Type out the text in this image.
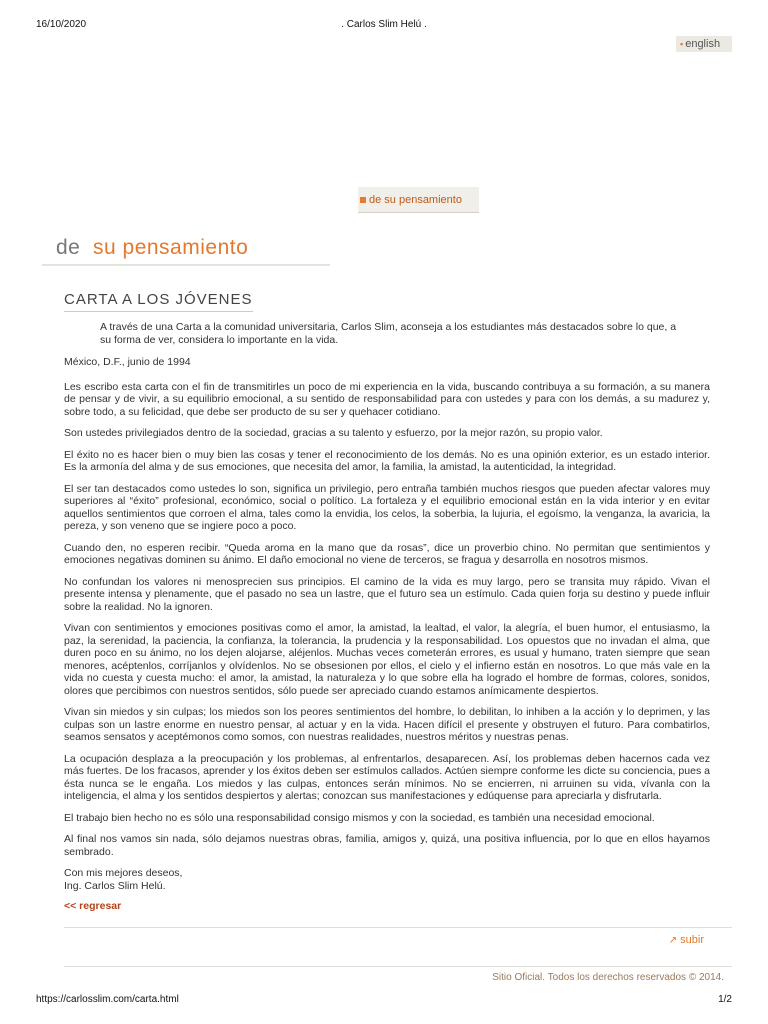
16/10/2020	. Carlos Slim Helú .
▪ english
de su pensamiento
de su pensamiento
CARTA A LOS JÓVENES
A través de una Carta a la comunidad universitaria, Carlos Slim, aconseja a los estudiantes más destacados sobre lo que, a su forma de ver, considera lo importante en la vida.

México, D.F., junio de 1994

Les escribo esta carta con el fin de transmitirles un poco de mi experiencia en la vida, buscando contribuya a su formación, a su manera de pensar y de vivir, a su equilibrio emocional, a su sentido de responsabilidad para con ustedes y para con los demás, a su madurez y, sobre todo, a su felicidad, que debe ser producto de su ser y quehacer cotidiano.

Son ustedes privilegiados dentro de la sociedad, gracias a su talento y esfuerzo, por la mejor razón, su propio valor.

El éxito no es hacer bien o muy bien las cosas y tener el reconocimiento de los demás. No es una opinión exterior, es un estado interior. Es la armonía del alma y de sus emociones, que necesita del amor, la familia, la amistad, la autenticidad, la integridad.

El ser tan destacados como ustedes lo son, significa un privilegio, pero entraña también muchos riesgos que pueden afectar valores muy superiores al “éxito” profesional, económico, social o político. La fortaleza y el equilibrio emocional están en la vida interior y en evitar aquellos sentimientos que corroen el alma, tales como la envidia, los celos, la soberbia, la lujuria, el egoísmo, la venganza, la avaricia, la pereza, y son veneno que se ingiere poco a poco.

Cuando den, no esperen recibir. “Queda aroma en la mano que da rosas”, dice un proverbio chino. No permitan que sentimientos y emociones negativas dominen su ánimo. El daño emocional no viene de terceros, se fragua y desarrolla en nosotros mismos.

No confundan los valores ni menosprecien sus principios. El camino de la vida es muy largo, pero se transita muy rápido. Vivan el presente intensa y plenamente, que el pasado no sea un lastre, que el futuro sea un estímulo. Cada quien forja su destino y puede influir sobre la realidad. No la ignoren.

Vivan con sentimientos y emociones positivas como el amor, la amistad, la lealtad, el valor, la alegría, el buen humor, el entusiasmo, la paz, la serenidad, la paciencia, la confianza, la tolerancia, la prudencia y la responsabilidad. Los opuestos que no invadan el alma, que duren poco en su ánimo, no los dejen alojarse, aléjenlos. Muchas veces cometerán errores, es usual y humano, traten siempre que sean menores, acéptenlos, corríjanlos y olvídenlos. No se obsesionen por ellos, el cielo y el infierno están en nosotros. Lo que más vale en la vida no cuesta y cuesta mucho: el amor, la amistad, la naturaleza y lo que sobre ella ha logrado el hombre de formas, colores, sonidos, olores que percibimos con nuestros sentidos, sólo puede ser apreciado cuando estamos anímicamente despiertos.

Vivan sin miedos y sin culpas; los miedos son los peores sentimientos del hombre, lo debilitan, lo inhiben a la acción y lo deprimen, y las culpas son un lastre enorme en nuestro pensar, al actuar y en la vida. Hacen difícil el presente y obstruyen el futuro. Para combatirlos, seamos sensatos y aceptémonos como somos, con nuestras realidades, nuestros méritos y nuestras penas.

La ocupación desplaza a la preocupación y los problemas, al enfrentarlos, desaparecen. Así, los problemas deben hacernos cada vez más fuertes. De los fracasos, aprender y los éxitos deben ser estímulos callados. Actúen siempre conforme les dicte su conciencia, pues a ésta nunca se le engaña. Los miedos y las culpas, entonces serán mínimos. No se encierren, ni arruinen su vida, vívanla con la inteligencia, el alma y los sentidos despiertos y alertas; conozcan sus manifestaciones y edúquense para apreciarla y disfrutarla.

El trabajo bien hecho no es sólo una responsabilidad consigo mismos y con la sociedad, es también una necesidad emocional.

Al final nos vamos sin nada, sólo dejamos nuestras obras, familia, amigos y, quizá, una positiva influencia, por lo que en ellos hayamos sembrado.

Con mis mejores deseos,
Ing. Carlos Slim Helú.
<< regresar
↗ subir
Sitio Oficial. Todos los derechos reservados © 2014.
https://carlosslim.com/carta.html	1/2
